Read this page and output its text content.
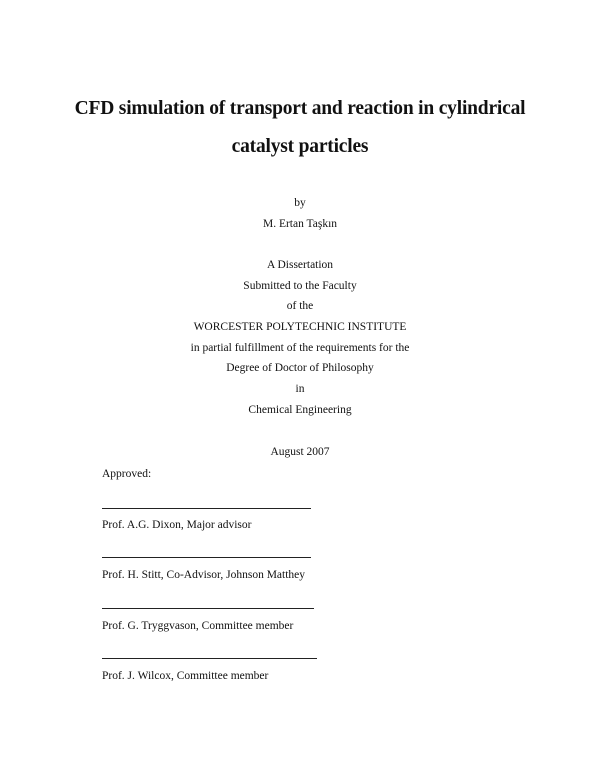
CFD simulation of transport and reaction in cylindrical
catalyst particles
by
M. Ertan Taşkın
A Dissertation
Submitted to the Faculty
of the
WORCESTER POLYTECHNIC INSTITUTE
in partial fulfillment of the requirements for the
Degree of Doctor of Philosophy
in
Chemical Engineering
August 2007
Approved:
Prof. A.G. Dixon, Major advisor
Prof. H. Stitt, Co-Advisor, Johnson Matthey
Prof. G. Tryggvason, Committee member
Prof. J. Wilcox, Committee member
